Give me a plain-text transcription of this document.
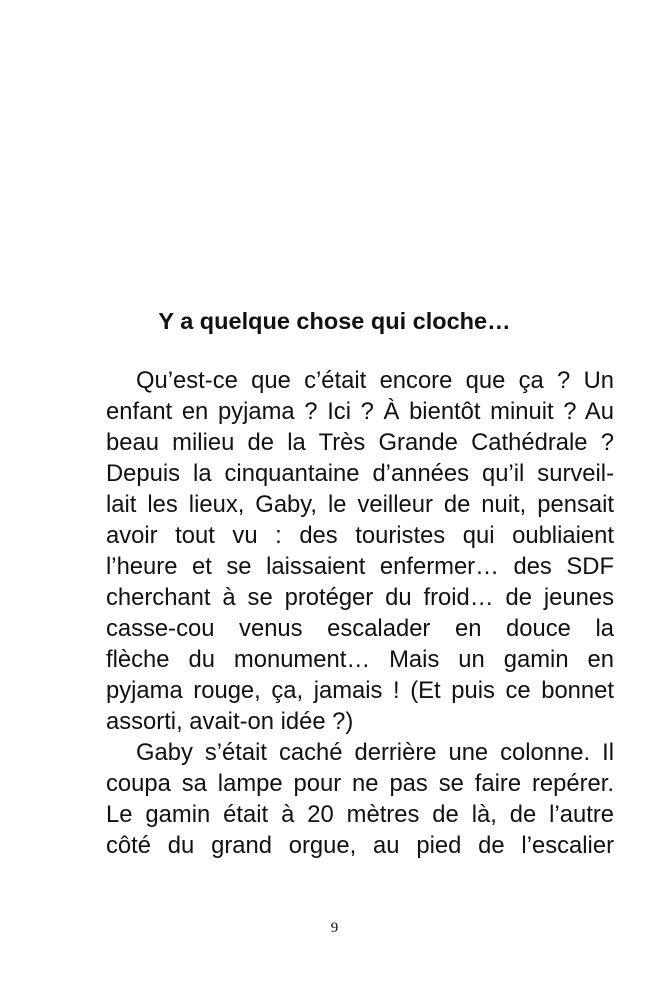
Y a quelque chose qui cloche…
Qu’est-ce que c’était encore que ça ? Un
enfant en pyjama ? Ici ? À bientôt minuit ? Au
beau milieu de la Très Grande Cathédrale ?
Depuis la cinquantaine d’années qu’il surveil-
lait les lieux, Gaby, le veilleur de nuit, pensait
avoir tout vu : des touristes qui oubliaient
l’heure et se laissaient enfermer… des SDF
cherchant à se protéger du froid… de jeunes
casse-cou venus escalader en douce la
flèche du monument… Mais un gamin en
pyjama rouge, ça, jamais ! (Et puis ce bonnet
assorti, avait-on idée ?)
Gaby s’était caché derrière une colonne. Il
coupa sa lampe pour ne pas se faire repérer.
Le gamin était à 20 mètres de là, de l’autre
côté du grand orgue, au pied de l’escalier
9
